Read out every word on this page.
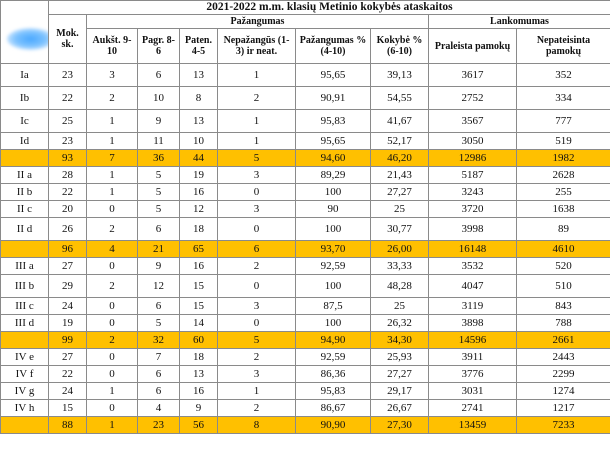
	2021-2022 m.m. klasių Metinio kokybės ataskaitos								
	Mok. sk.	Pažangumas						Lankomumas	
		Aukšt. 9-10	Pagr. 8-6	Paten. 4-5	Nepažangūs (1-3) ir neat.	Pažangumas % (4-10)	Kokybė % (6-10)	Praleista pamokų	Nepateisinta pamokų
Ia	23	3	6	13	1	95,65	39,13	3617	352
Ib	22	2	10	8	2	90,91	54,55	2752	334
Ic	25	1	9	13	1	95,83	41,67	3567	777
Id	23	1	11	10	1	95,65	52,17	3050	519
	93	7	36	44	5	94,60	46,20	12986	1982
II a	28	1	5	19	3	89,29	21,43	5187	2628
II b	22	1	5	16	0	100	27,27	3243	255
II c	20	0	5	12	3	90	25	3720	1638
II d	26	2	6	18	0	100	30,77	3998	89
	96	4	21	65	6	93,70	26,00	16148	4610
III a	27	0	9	16	2	92,59	33,33	3532	520
III b	29	2	12	15	0	100	48,28	4047	510
III c	24	0	6	15	3	87,5	25	3119	843
III d	19	0	5	14	0	100	26,32	3898	788
	99	2	32	60	5	94,90	34,30	14596	2661
IV e	27	0	7	18	2	92,59	25,93	3911	2443
IV f	22	0	6	13	3	86,36	27,27	3776	2299
IV g	24	1	6	16	1	95,83	29,17	3031	1274
IV h	15	0	4	9	2	86,67	26,67	2741	1217
	88	1	23	56	8	90,90	27,30	13459	7233
